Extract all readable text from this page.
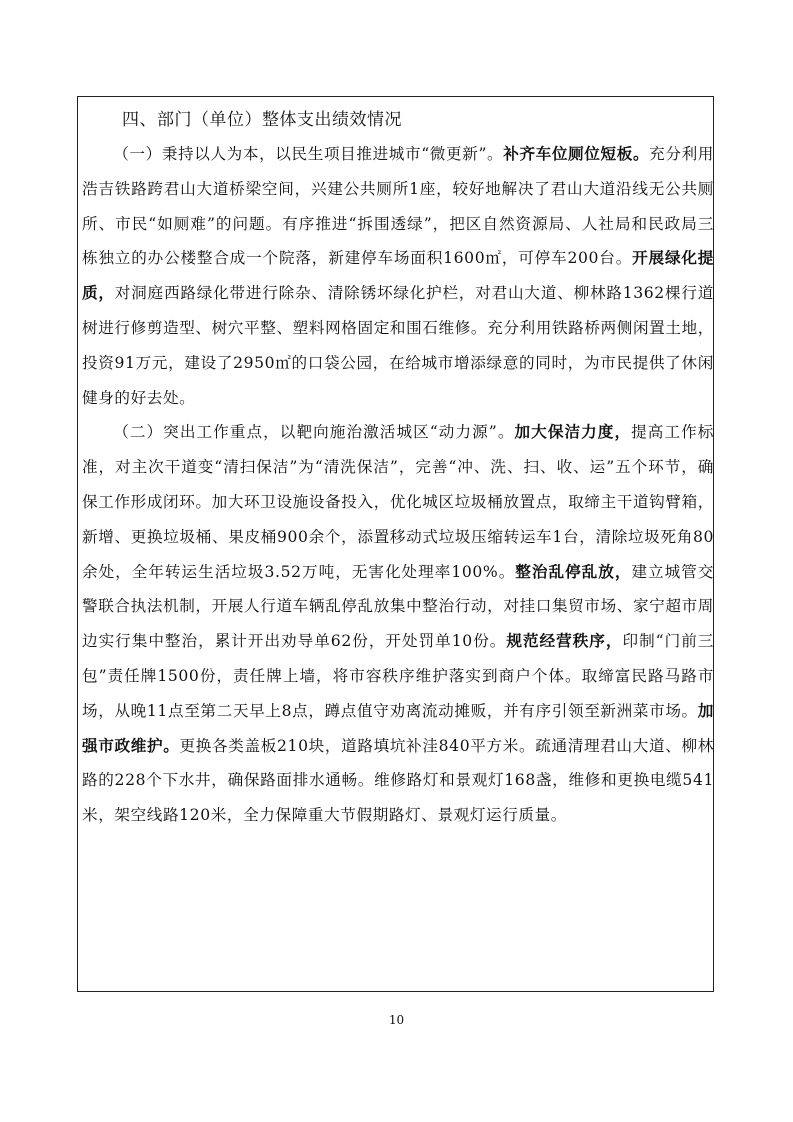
四、部门（单位）整体支出绩效情况

（一）秉持以人为本，以民生项目推进城市“微更新”。补齐车位厕位短板。充分利用浩吉铁路跨君山大道桥梁空间，兴建公共厕所1座，较好地解决了君山大道沿线无公共厕所、市民“如厕难”的问题。有序推进“拆围透绿”，把区自然资源局、人社局和民政局三栋独立的办公楼整合成一个院落，新建停车场面积1600㎡，可停车200台。开展绿化提质，对洞庭西路绿化带进行除杂、清除锈坏绿化护栏，对君山大道、柳林路1362棵行道树进行修剪造型、树穴平整、塑料网格固定和围石维修。充分利用铁路桥两侧闲置土地，投资91万元，建设了2950㎡的口袋公园，在给城市增添绿意的同时，为市民提供了休闲健身的好去处。

（二）突出工作重点，以靶向施治激活城区“动力源”。加大保洁力度，提高工作标准，对主次干道变“清扫保洁”为“清洗保洁”，完善“冲、洗、扫、收、运”五个环节，确保工作形成闭环。加大环卫设施设备投入，优化城区垃圾桶放置点，取缔主干道钩臂箱，新增、更换垃圾桶、果皮桶900余个，添置移动式垃圾压缩转运车1台，清除垃圾死角80余处，全年转运生活垃圾3.52万吨，无害化处理率100%。整治乱停乱放，建立城管交警联合执法机制，开展人行道车辆乱停乱放集中整治行动，对挂口集贸市场、家宁超市周边实行集中整治，累计开出劝导单62份，开处罚单10份。规范经营秩序，印制“门前三包”责任牌1500份，责任牌上墙，将市容秩序维护落实到商户个体。取缔富民路马路市场，从晚11点至第二天早上8点，蹲点值守劝离流动摊贩，并有序引领至新洲菜市场。加强市政维护。更换各类盖板210块，道路填坑补洼840平方米。疏通清理君山大道、柳林路的228个下水井，确保路面排水通畅。维修路灯和景观灯168盏，维修和更换电缆541米，架空线路120米，全力保障重大节假期路灯、景观灯运行质量。

10
